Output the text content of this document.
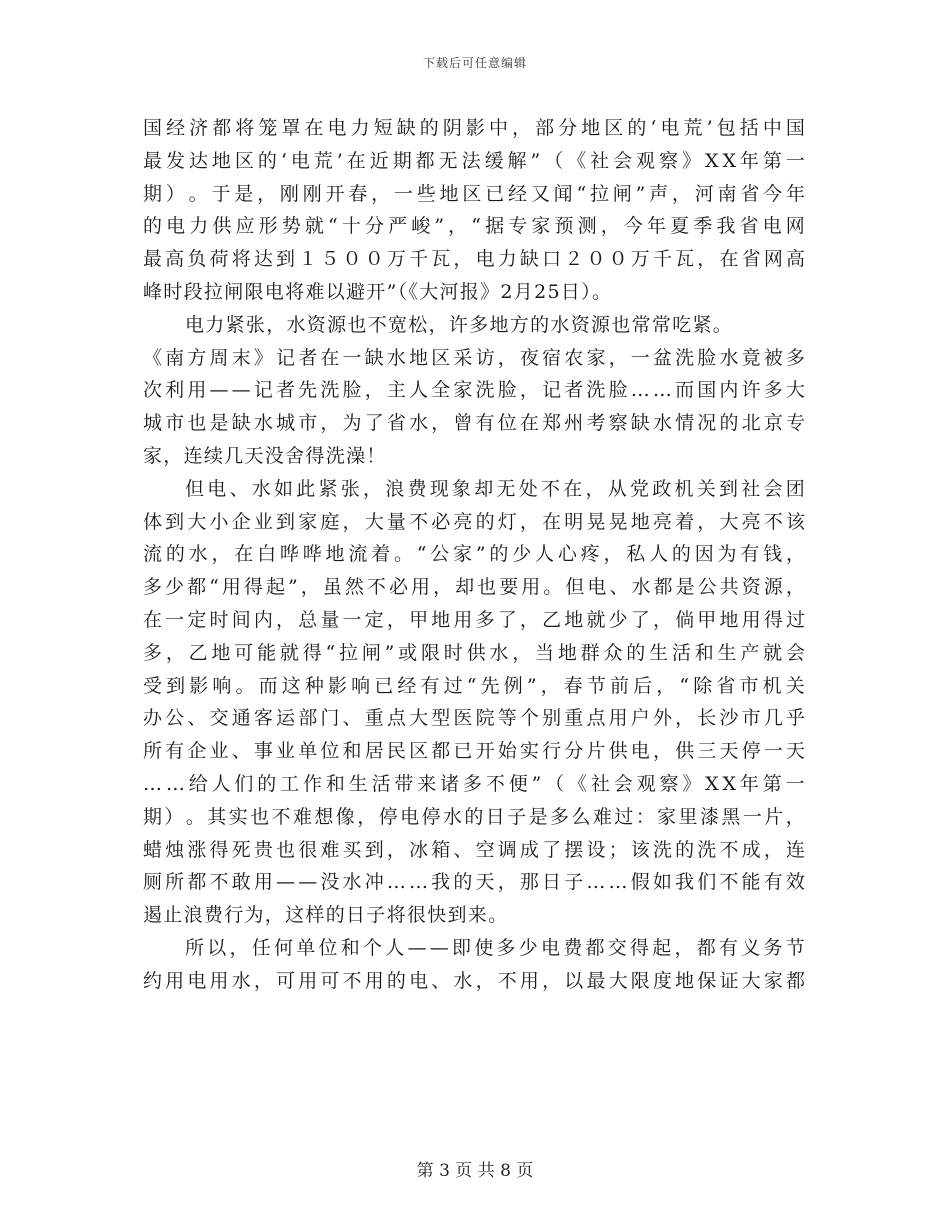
下载后可任意编辑
国 经 济 都 将 笼 罩 在 电 力 短 缺 的 阴 影 中 ， 部 分 地 区 的 ‘ 电 荒 ’ 包 括 中 国
最 发 达 地 区 的 ‘ 电 荒 ’ 在 近 期 都 无 法 缓 解 ” （ 《 社 会 观 察 》 X X 年 第 一
期 ） 。 于 是 ， 刚 刚 开 春 ， 一 些 地 区 已 经 又 闻 “ 拉 闸 ” 声 ， 河 南 省 今 年
的 电 力 供 应 形 势 就 “ 十 分 严 峻 ” ， “ 据 专 家 预 测 ， 今 年 夏 季 我 省 电 网
最 高 负 荷 将 达 到 １ ５ ０ ０ 万 千 瓦 ， 电 力 缺 口 ２ ０ ０ 万 千 瓦 ， 在 省 网 高
峰时段拉闸限电将难以避开”（《大河报》2月25日）。
电力紧张，水资源也不宽松，许多地方的水资源也常常吃紧。
《 南 方 周 末 》 记 者 在 一 缺 水 地 区 采 访 ， 夜 宿 农 家 ， 一 盆 洗 脸 水 竟 被 多
次 利 用 — — 记 者 先 洗 脸 ， 主 人 全 家 洗 脸 ， 记 者 洗 脸 … … 而 国 内 许 多 大
城 市 也 是 缺 水 城 市 ， 为 了 省 水 ， 曾 有 位 在 郑 州 考 察 缺 水 情 况 的 北 京 专
家，连续几天没舍得洗澡！
但 电 、 水 如 此 紧 张 ， 浪 费 现 象 却 无 处 不 在 ， 从 党 政 机 关 到 社 会 团
体 到 大 小 企 业 到 家 庭 ， 大 量 不 必 亮 的 灯 ， 在 明 晃 晃 地 亮 着 ， 大 亮 不 该
流 的 水 ， 在 白 哗 哗 地 流 着 。 “ 公 家 ” 的 少 人 心 疼 ， 私 人 的 因 为 有 钱 ，
多 少 都 “ 用 得 起 ” ， 虽 然 不 必 用 ， 却 也 要 用 。 但 电 、 水 都 是 公 共 资 源 ，
在 一 定 时 间 内 ， 总 量 一 定 ， 甲 地 用 多 了 ， 乙 地 就 少 了 ， 倘 甲 地 用 得 过
多 ， 乙 地 可 能 就 得 “ 拉 闸 ” 或 限 时 供 水 ， 当 地 群 众 的 生 活 和 生 产 就 会
受 到 影 响 。 而 这 种 影 响 已 经 有 过 “ 先 例 ” ， 春 节 前 后 ， “ 除 省 市 机 关
办 公 、 交 通 客 运 部 门 、 重 点 大 型 医 院 等 个 别 重 点 用 户 外 ， 长 沙 市 几 乎
所 有 企 业 、 事 业 单 位 和 居 民 区 都 已 开 始 实 行 分 片 供 电 ， 供 三 天 停 一 天
… … 给 人 们 的 工 作 和 生 活 带 来 诸 多 不 便 ” （ 《 社 会 观 察 》 X X 年 第 一
期 ） 。 其 实 也 不 难 想 像 ， 停 电 停 水 的 日 子 是 多 么 难 过 ： 家 里 漆 黑 一 片 ，
蜡 烛 涨 得 死 贵 也 很 难 买 到 ， 冰 箱 、 空 调 成 了 摆 设 ； 该 洗 的 洗 不 成 ， 连
厕 所 都 不 敢 用 — — 没 水 冲 … … 我 的 天 ， 那 日 子 … … 假 如 我 们 不 能 有 效
遏止浪费行为，这样的日子将很快到来。
所 以 ， 任 何 单 位 和 个 人 — — 即 使 多 少 电 费 都 交 得 起 ， 都 有 义 务 节
约 用 电 用 水 ， 可 用 可 不 用 的 电 、 水 ， 不 用 ， 以 最 大 限 度 地 保 证 大 家 都
第 3 页 共 8 页
